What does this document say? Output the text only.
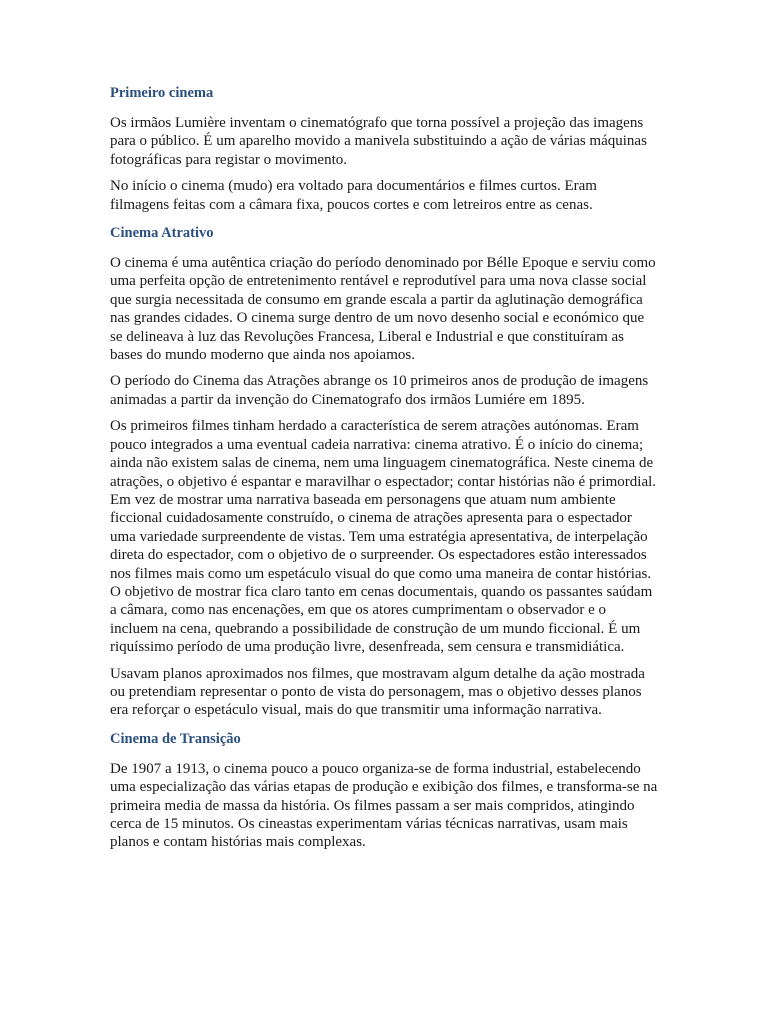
Primeiro cinema

Os irmãos Lumière inventam o cinematógrafo que torna possível a projeção das imagens para o público. É um aparelho movido a manivela substituindo a ação de várias máquinas fotográficas para registar o movimento.

No início o cinema (mudo) era voltado para documentários e filmes curtos. Eram filmagens feitas com a câmara fixa, poucos cortes e com letreiros entre as cenas.

Cinema Atrativo

O cinema é uma autêntica criação do período denominado por Bélle Epoque e serviu como uma perfeita opção de entretenimento rentável e reprodutível para uma nova classe social que surgia necessitada de consumo em grande escala a partir da aglutinação demográfica nas grandes cidades. O cinema surge dentro de um novo desenho social e económico que se delineava à luz das Revoluções Francesa, Liberal e Industrial e que constituíram as bases do mundo moderno que ainda nos apoiamos.

O período do Cinema das Atrações abrange os 10 primeiros anos de produção de imagens animadas a partir da invenção do Cinematografo dos irmãos Lumiére em 1895.

Os primeiros filmes tinham herdado a característica de serem atrações autónomas. Eram pouco integrados a uma eventual cadeia narrativa: cinema atrativo. É o início do cinema; ainda não existem salas de cinema, nem uma linguagem cinematográfica. Neste cinema de atrações, o objetivo é espantar e maravilhar o espectador; contar histórias não é primordial. Em vez de mostrar uma narrativa baseada em personagens que atuam num ambiente ficcional cuidadosamente construído, o cinema de atrações apresenta para o espectador uma variedade surpreendente de vistas. Tem uma estratégia apresentativa, de interpelação direta do espectador, com o objetivo de o surpreender. Os espectadores estão interessados nos filmes mais como um espetáculo visual do que como uma maneira de contar histórias. O objetivo de mostrar fica claro tanto em cenas documentais, quando os passantes saúdam a câmara, como nas encenações, em que os atores cumprimentam o observador e o incluem na cena, quebrando a possibilidade de construção de um mundo ficcional. É um riquíssimo período de uma produção livre, desenfreada, sem censura e transmidiática.

Usavam planos aproximados nos filmes, que mostravam algum detalhe da ação mostrada ou pretendiam representar o ponto de vista do personagem, mas o objetivo desses planos era reforçar o espetáculo visual, mais do que transmitir uma informação narrativa.

Cinema de Transição

De 1907 a 1913, o cinema pouco a pouco organiza-se de forma industrial, estabelecendo uma especialização das várias etapas de produção e exibição dos filmes, e transforma-se na primeira media de massa da história. Os filmes passam a ser mais compridos, atingindo cerca de 15 minutos. Os cineastas experimentam várias técnicas narrativas, usam mais planos e contam histórias mais complexas.
